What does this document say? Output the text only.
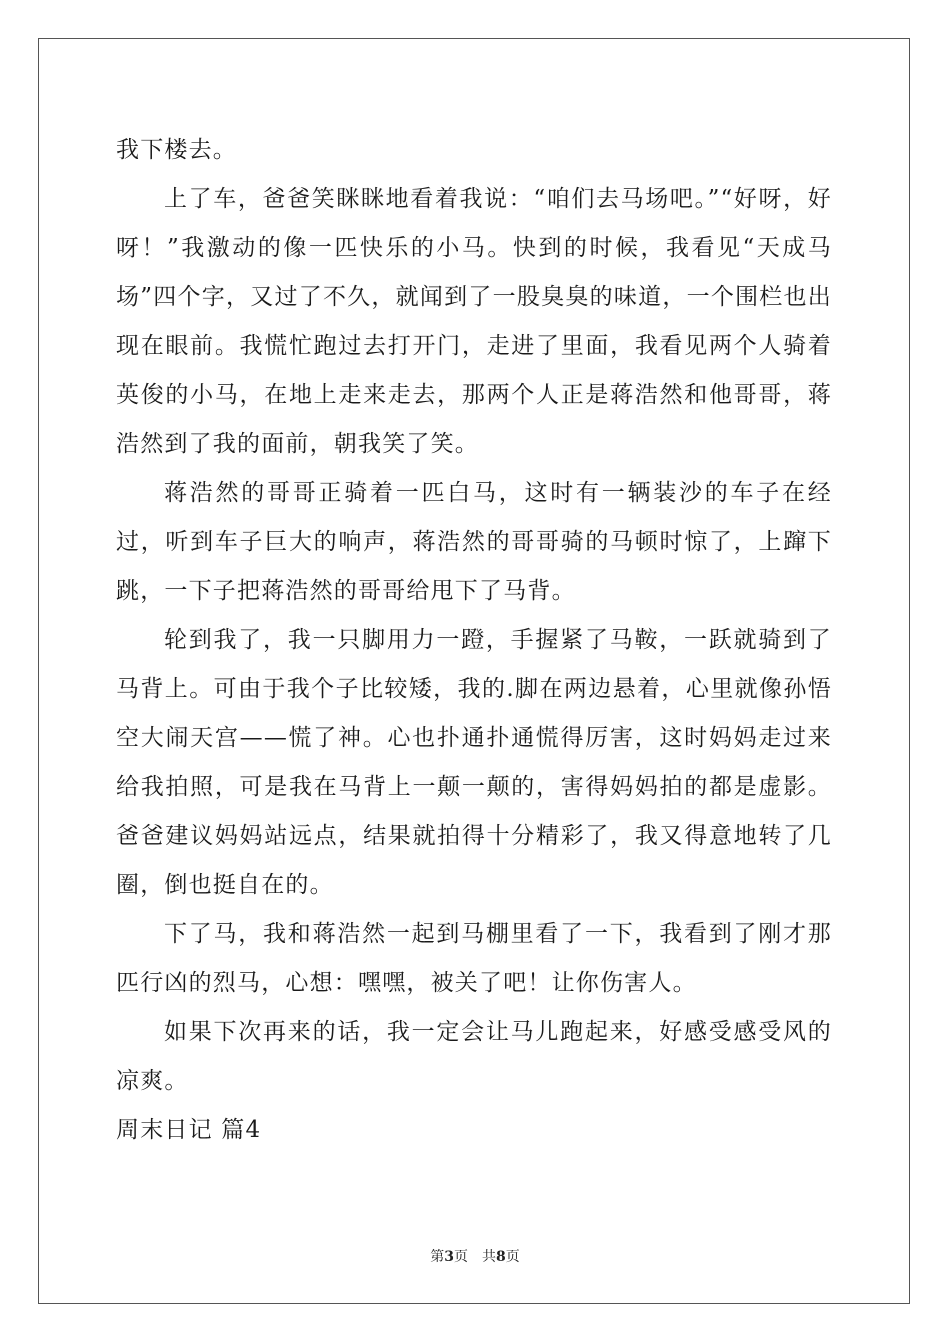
我下楼去。

上了车，爸爸笑眯眯地看着我说：“咱们去马场吧。”“好呀，好呀！”我激动的像一匹快乐的小马。快到的时候，我看见“天成马场”四个字，又过了不久，就闻到了一股臭臭的味道，一个围栏也出现在眼前。我慌忙跑过去打开门，走进了里面，我看见两个人骑着英俊的小马，在地上走来走去，那两个人正是蒋浩然和他哥哥，蒋浩然到了我的面前，朝我笑了笑。

蒋浩然的哥哥正骑着一匹白马，这时有一辆装沙的车子在经过，听到车子巨大的响声，蒋浩然的哥哥骑的马顿时惊了，上蹿下跳，一下子把蒋浩然的哥哥给甩下了马背。

轮到我了，我一只脚用力一蹬，手握紧了马鞍，一跃就骑到了马背上。可由于我个子比较矮，我的.脚在两边悬着，心里就像孙悟空大闹天宫——慌了神。心也扑通扑通慌得厉害，这时妈妈走过来给我拍照，可是我在马背上一颠一颠的，害得妈妈拍的都是虚影。爸爸建议妈妈站远点，结果就拍得十分精彩了，我又得意地转了几圈，倒也挺自在的。

下了马，我和蒋浩然一起到马棚里看了一下，我看到了刚才那匹行凶的烈马，心想：嘿嘿，被关了吧！让你伤害人。

如果下次再来的话，我一定会让马儿跑起来，好感受感受风的凉爽。

周末日记 篇4

第3页 共8页
